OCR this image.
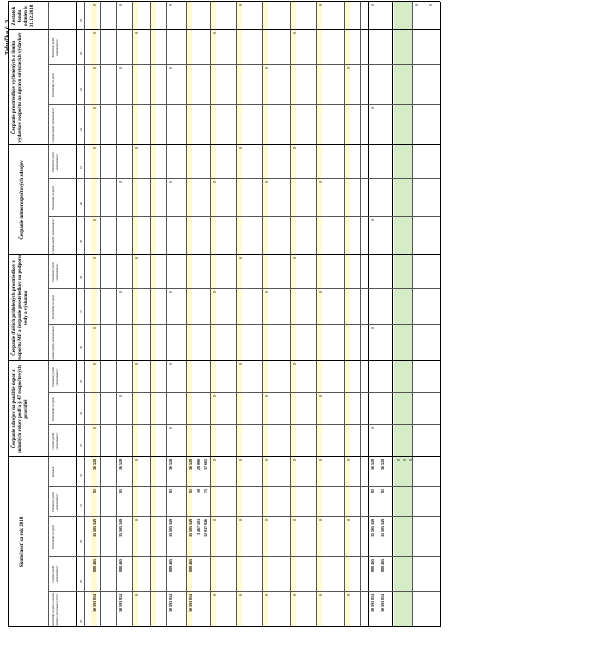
Tabuľka č. 3
Skutočnosť za rok 2018
Čerpanie zdrojov na použitie úspor z minulých rokov podľa § 47 rozpočtových pravidiel
Čerpanie ďalších pridelených prostriedkov z rozpočtu MF a čerpanie prostriedkov na podporu vedy a výskumu
Čerpanie mimorozpočtových zdrojov
Čerpanie prostriedkov vyčlenených z limitu výdavkov rozpočtu na úpravu súvisiacich výdavkov
Zostatok fondu odmien k 31.12.2018
Prostriedky na plat a ostatné osobné vyrovnania (OOV)
Osobné platby zamestnancov
Prostriedky na platy
Priemerný počet zamestnancov
Zostatok
Osobné platby zamestnancov
Prostriedky na platy
Priemerný počet zamestnancov
Osobné platby zamestnancov
Prostriedky na platy
Priemerný počet zamestnancov
Osobné platby zamestnancov
Prostriedky na platy
Priemerný počet zamestnancov
Osobné platby zamestnancov
Prostriedky na platy
Priemerný počet zamestnancov
28
29
30
31
32
33
34
35
36
37
38
39
40
41
42
43
44
45
30 593 814
888 465
35 505 349
81
36 528
0
0
0
0
0
0
0
0
0
0
30 593 814
888 465
35 505 349
81
36 528
0
0
0
0
0
0
0
0
0
0
0
0
30 593 814
888 465
35 505 349
81
36 528
0
0
0
0
0
0
30 593 814
888 465
35 505 349
81
36 528
3 467 503
10
28 890
32 037 846
71
37 665
0
0
0
0
0
0
0
0
0
0
0
0
0
0
0
0
0
0
0
0
0
0
0
0
0
0
0
0
0
0
0
0
0
0
0
0
0
0
0
30 593 814
888 465
35 505 349
81
36 528
0
0
0
0
0
30 593 814
888 465
35 505 349
81
36 528	0 0 0
0 0
